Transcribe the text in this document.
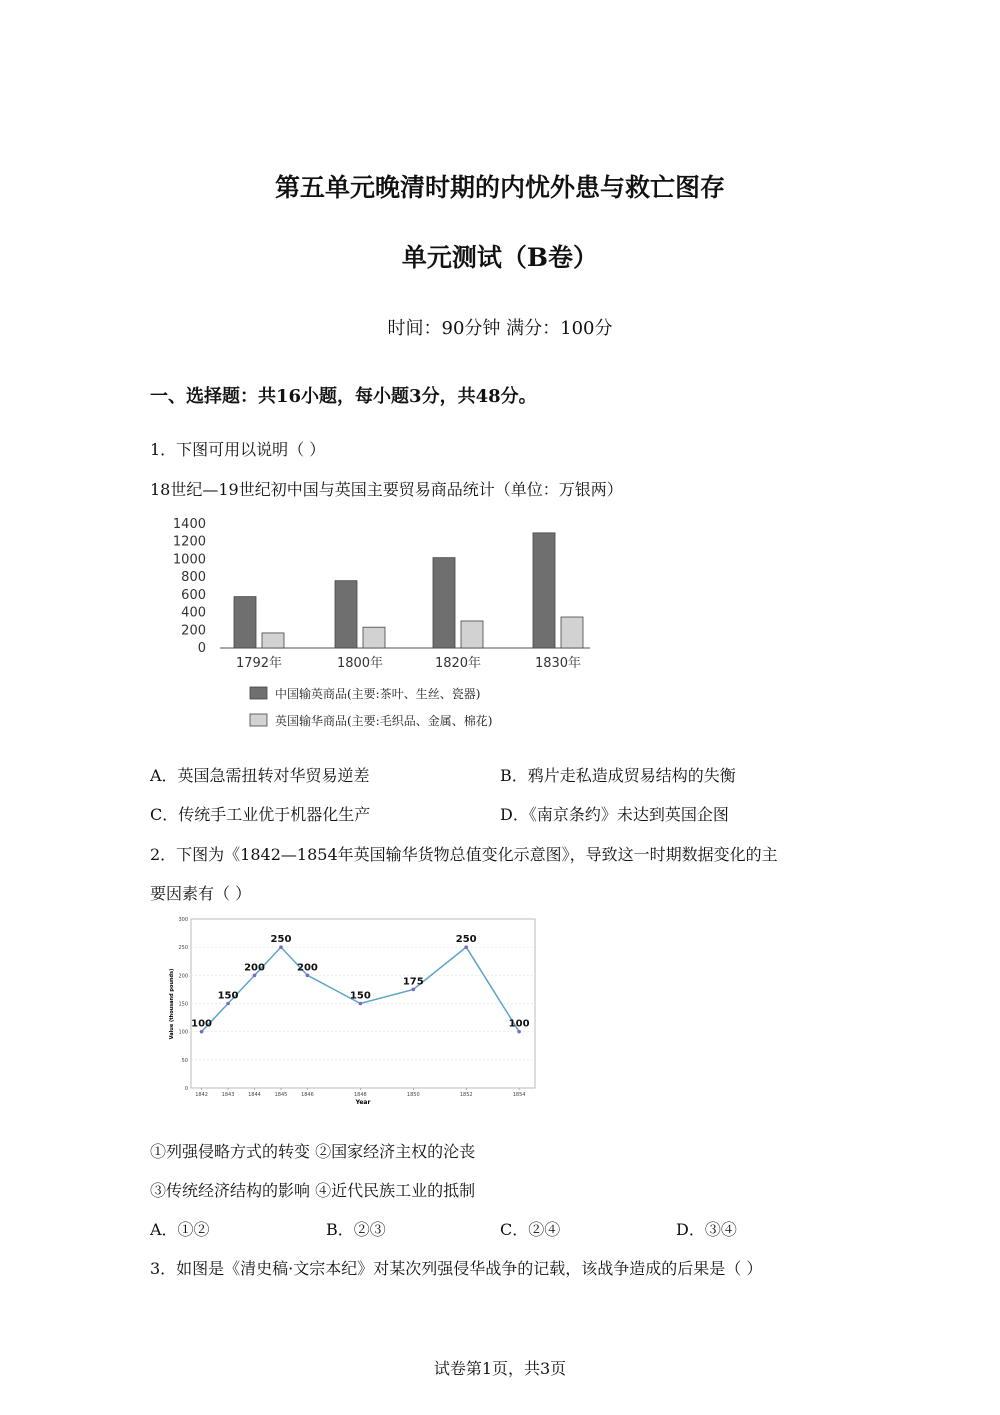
第五单元晚清时期的内忧外患与救亡图存
单元测试（B卷）
时间：90分钟 满分：100分
一、选择题：共16小题，每小题3分，共48分。
1．下图可用以说明（ ）
18世纪—19世纪初中国与英国主要贸易商品统计（单位：万银两）
0
200
400
600
800
1000
1200
1400
1792年	1800年	1820年	1830年
中国输英商品(主要:茶叶、生丝、瓷器)
英国输华商品(主要:毛织品、金属、棉花)
A．英国急需扭转对华贸易逆差	B．鸦片走私造成贸易结构的失衡
C．传统手工业优于机器化生产	D．《南京条约》未达到英国企图
2．下图为《1842—1854年英国输华货物总值变化示意图》，导致这一时期数据变化的主
要因素有（ ）
0
50
100
150
200
250
300
1842	1843	1844	1845	1846	1848	1850	1852	1854
Year
Value (thousand pounds) 100
150
200
250
200
150
175
250
100
①列强侵略方式的转变 ②国家经济主权的沦丧
③传统经济结构的影响 ④近代民族工业的抵制
A．①②	B．②③	C．②④	D．③④
3．如图是《清史稿·文宗本纪》对某次列强侵华战争的记载，该战争造成的后果是（ ）
试卷第1页，共3页
